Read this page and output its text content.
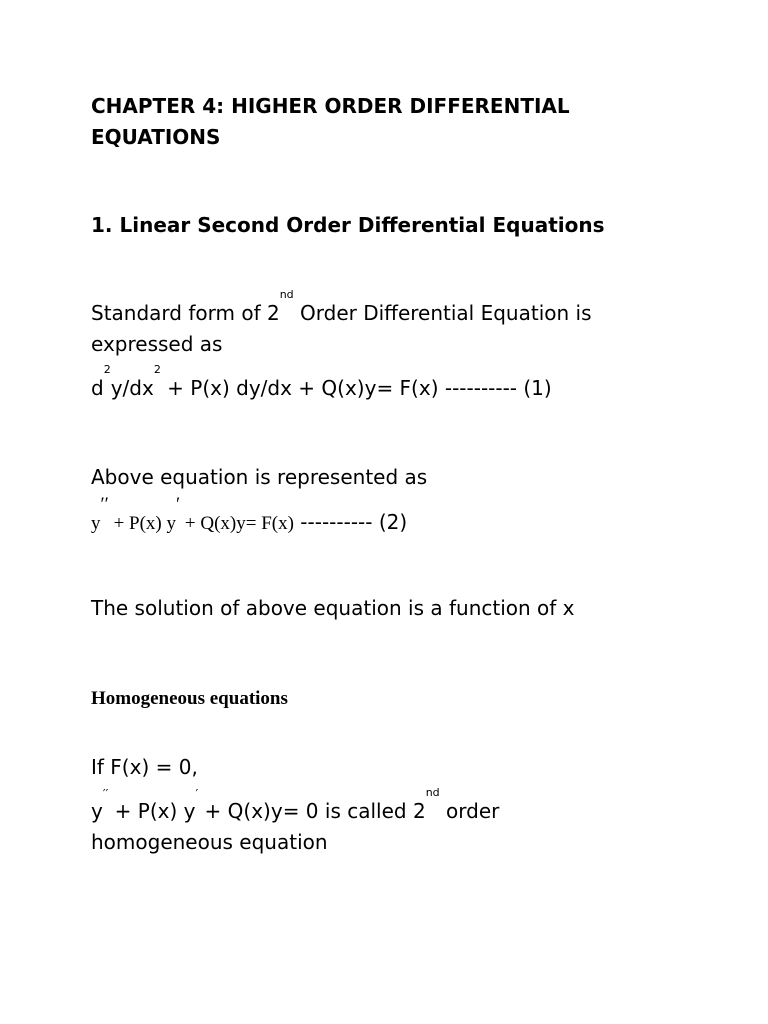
CHAPTER 4: HIGHER ORDER DIFFERENTIAL
EQUATIONS

1. Linear Second Order Differential Equations

Standard form of 2nd Order Differential Equation is
expressed as

$d^2y/dx^2 + P(x) dy/dx + Q(x)y= F(x)$ ---------- (1)

Above equation is represented as

y′′ + P(x) y′ + Q(x)y= F(x) ---------- (2)

The solution of above equation is a function of x

Homogeneous equations

If F(x) = 0,

y′′ + P(x) y′ + Q(x)y= 0 is called 2nd order
homogeneous equation
